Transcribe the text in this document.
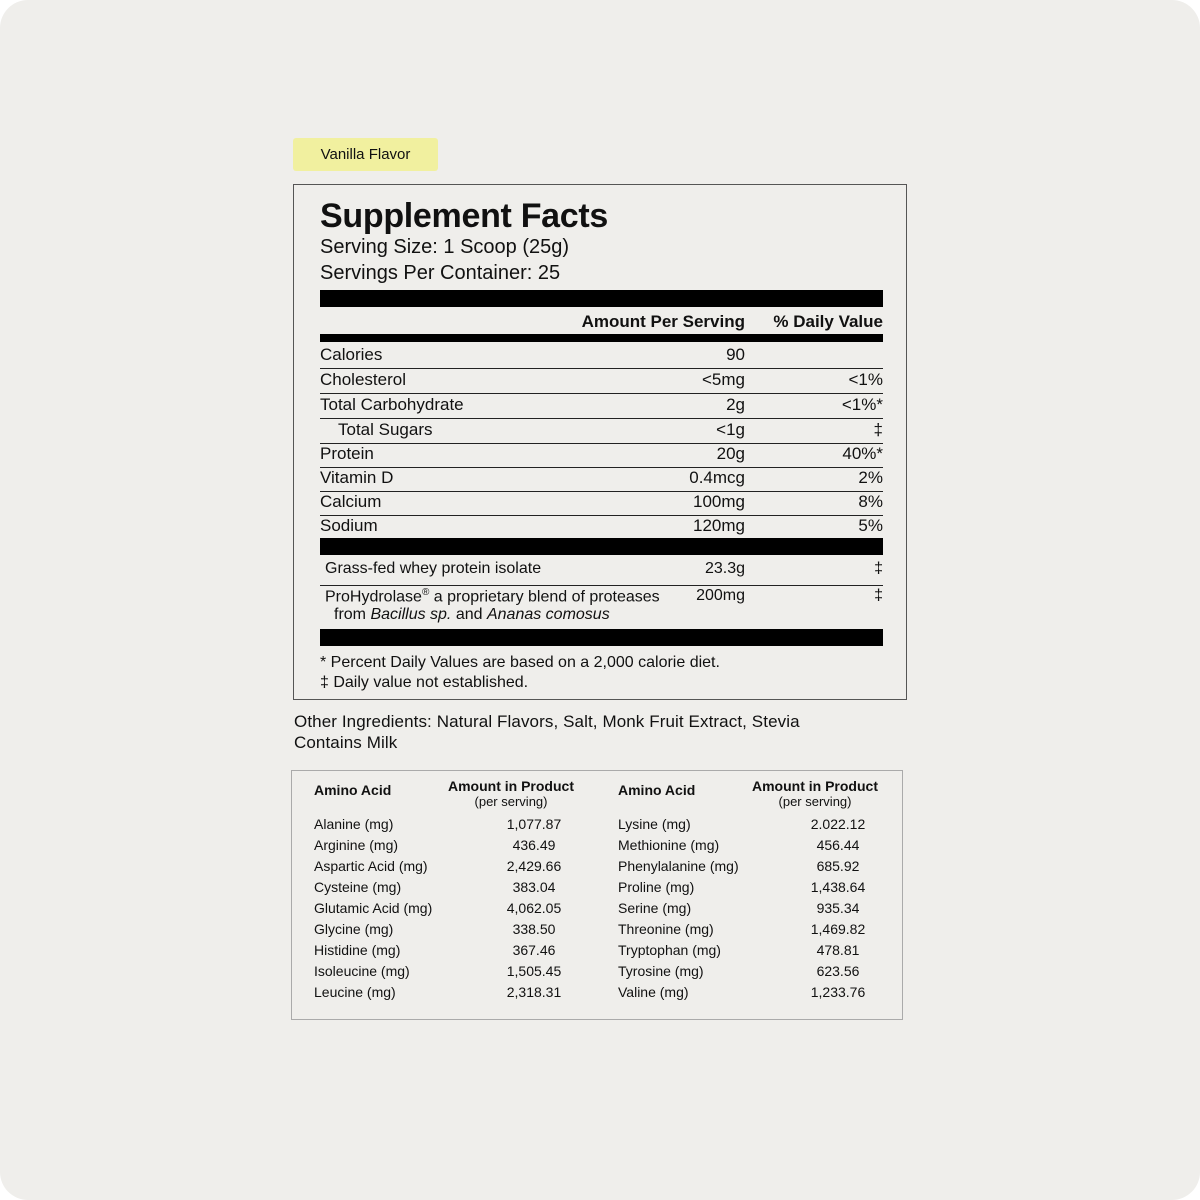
Vanilla Flavor
Supplement Facts
Serving Size: 1 Scoop (25g)
Servings Per Container: 25
Amount Per Serving % Daily Value
Calories	90
Cholesterol	<5mg	<1%
Total Carbohydrate	2g	<1%*
Total Sugars	<1g	‡
Protein	20g	40%*
Vitamin D	0.4mcg	2%
Calcium	100mg	8%
Sodium	120mg	5%
Grass-fed whey protein isolate	23.3g	‡
ProHydrolase® a proprietary blend of proteases
from Bacillus sp. and Ananas comosus
200mg	‡
* Percent Daily Values are based on a 2,000 calorie diet.
‡ Daily value not established.
Other Ingredients: Natural Flavors, Salt, Monk Fruit Extract, Stevia
Contains Milk
Amino Acid	Amount in Product
(per serving)
Alanine (mg)	1,077.87
Arginine (mg)	436.49
Aspartic Acid (mg)	2,429.66
Cysteine (mg)	383.04
Glutamic Acid (mg)	4,062.05
Glycine (mg)	338.50
Histidine (mg)	367.46
Isoleucine (mg)	1,505.45
Leucine (mg)	2,318.31
Amino Acid	Amount in Product
(per serving)
Lysine (mg)	2.022.12
Methionine (mg)	456.44
Phenylalanine (mg)	685.92
Proline (mg)	1,438.64
Serine (mg)	935.34
Threonine (mg)	1,469.82
Tryptophan (mg)	478.81
Tyrosine (mg)	623.56
Valine (mg)	1,233.76
